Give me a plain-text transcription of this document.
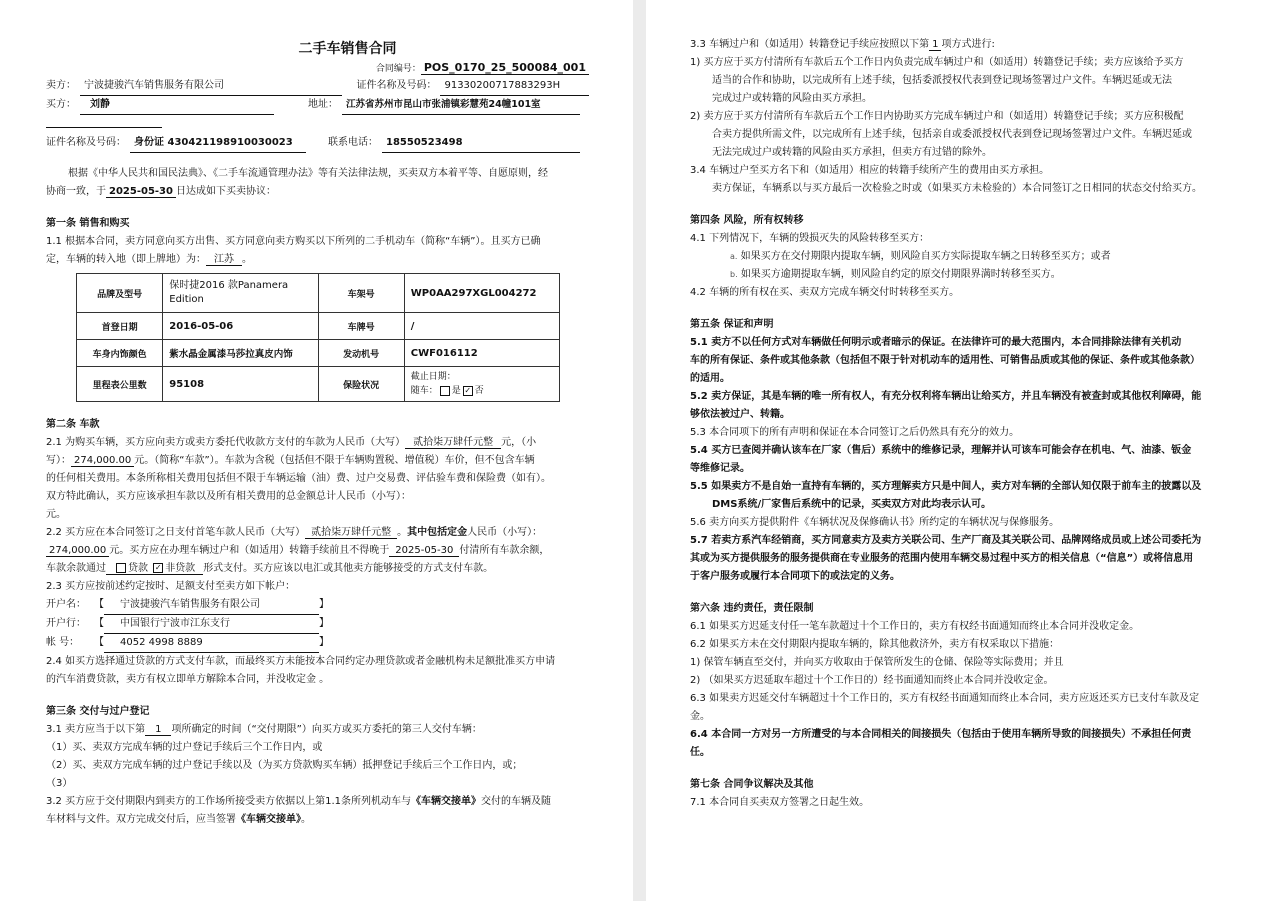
二手车销售合同
合同编号： POS_0170_25_500084_001
卖方： 宁波捷骏汽车销售服务有限公司	证件名称及号码： 91330200717883293H
买方：	刘静	地址： 江苏省苏州市昆山市张浦镇彩慧苑24幢101室
证件名称及号码： 身份证 430421198910030023	联系电话： 18550523498

根据《中华人民共和国民法典》、《二手车流通管理办法》等有关法律法规，买卖双方本着平等、自愿原则，经

协商一致，于 2025-05-30 日达成如下买卖协议：

第一条 销售和购买

1.1 根据本合同，卖方同意向买方出售、买方同意向卖方购买以下所列的二手机动车（简称“车辆”）。且买方已确

定，车辆的转入地（即上牌地）为： 江苏 。

品牌及型号	保时捷2016 款Panamera Edition	车架号	WP0AA297XGL004272
首登日期	2016-05-06	车牌号	/
车身内饰颜色	紫水晶金属漆马莎拉真皮内饰	发动机号	CWF016112
里程表公里数	95108	保险状况	截止日期：
随车： 是 ✓ 否
第二条 车款

2.1 为购买车辆，买方应向卖方或卖方委托代收款方支付的车款为人民币（大写） 贰拾柒万肆仟元整 元，（小

写）： 274,000.00 元。（简称“车款”）。车款为含税（包括但不限于车辆购置税、增值税）车价，但不包含车辆

的任何相关费用。本条所称相关费用包括但不限于车辆运输（油）费、过户交易费、评估验车费和保险费（如有）。

双方特此确认，买方应该承担车款以及所有相关费用的总金额总计人民币（小写）：

元。

2.2 买方应在本合同签订之日支付首笔车款人民币（大写） 贰拾柒万肆仟元整 。其中包括定金人民币（小写）：

274,000.00 元。买方应在办理车辆过户和（如适用）转籍手续前且不得晚于 2025-05-30 付清所有车款余额，

车款余款通过 贷款 ✓ 非贷款 形式支付。买方应该以电汇或其他卖方能够接受的方式支付车款。

2.3 买方应按前述约定按时、足额支付至卖方如下帐户：

开户名： 【	宁波捷骏汽车销售服务有限公司	】
开户行： 【	中国银行宁波市江东支行	】
帐 号：	【	4052 4998 8889	】

2.4 如买方选择通过贷款的方式支付车款，而最终买方未能按本合同约定办理贷款或者金融机构未足额批准买方申请

的汽车消费贷款，卖方有权立即单方解除本合同，并没收定金 。

第三条 交付与过户登记

3.1 卖方应当于以下第 1 项所确定的时间（“交付期限”）向买方或买方委托的第三人交付车辆：

（1）买、卖双方完成车辆的过户登记手续后三个工作日内，或

（2）买、卖双方完成车辆的过户登记手续以及（为买方贷款购买车辆）抵押登记手续后三个工作日内，或；

（3）

3.2 买方应于交付期限内到卖方的工作场所接受卖方依据以上第1.1条所列机动车与《车辆交接单》交付的车辆及随

车材料与文件。双方完成交付后，应当签署《车辆交接单》。

3.3 车辆过户和（如适用）转籍登记手续应按照以下第 1 项方式进行:

1) 买方应于买方付清所有车款后五个工作日内负责完成车辆过户和（如适用）转籍登记手续；卖方应该给予买方

适当的合作和协助，以完成所有上述手续，包括委派授权代表到登记现场签署过户文件。车辆迟延或无法

完成过户或转籍的风险由买方承担。

2) 卖方应于买方付清所有车款后五个工作日内协助买方完成车辆过户和（如适用）转籍登记手续；买方应积极配

合卖方提供所需文件，以完成所有上述手续，包括亲自或委派授权代表到登记现场签署过户文件。车辆迟延或

无法完成过户或转籍的风险由买方承担，但卖方有过错的除外。

3.4 车辆过户至买方名下和（如适用）相应的转籍手续所产生的费用由买方承担。

卖方保证，车辆系以与买方最后一次检验之时或（如果买方未检验的）本合同签订之日相同的状态交付给买方。

第四条 风险，所有权转移

4.1 下列情况下，车辆的毁损灭失的风险转移至买方：

a. 如果买方在交付期限内提取车辆，则风险自买方实际提取车辆之日转移至买方；或者

b. 如果买方逾期提取车辆，则风险自约定的原交付期限界满时转移至买方。

4.2 车辆的所有权在买、卖双方完成车辆交付时转移至买方。

第五条 保证和声明

5.1 卖方不以任何方式对车辆做任何明示或者暗示的保证。在法律许可的最大范围内，本合同排除法律有关机动

车的所有保证、条件或其他条款（包括但不限于针对机动车的适用性、可销售品质或其他的保证、条件或其他条款）

的适用。

5.2 卖方保证，其是车辆的唯一所有权人，有充分权利将车辆出让给买方，并且车辆没有被查封或其他权利障碍，能

够依法被过户、转籍。

5.3 本合同项下的所有声明和保证在本合同签订之后仍然具有充分的效力。

5.4 买方已查阅并确认该车在厂家（售后）系统中的维修记录，理解并认可该车可能会存在机电、气、油漆、钣金

等维修记录。

5.5 如果卖方不是自始一直持有车辆的，买方理解卖方只是中间人，卖方对车辆的全部认知仅限于前车主的披露以及

DMS系统/厂家售后系统中的记录，买卖双方对此均表示认可。

5.6 卖方向买方提供附件《车辆状况及保修确认书》所约定的车辆状况与保修服务。

5.7 若卖方系汽车经销商，买方同意卖方及卖方关联公司、生产厂商及其关联公司、品牌网络成员或上述公司委托为

其或为买方提供服务的服务提供商在专业服务的范围内使用车辆交易过程中买方的相关信息（“信息”）或将信息用

于客户服务或履行本合同项下的或法定的义务。

第六条 违约责任，责任限制

6.1 如果买方迟延支付任一笔车款超过十个工作日的，卖方有权经书面通知而终止本合同并没收定金。

6.2 如果买方未在交付期限内提取车辆的，除其他救济外，卖方有权采取以下措施：

1) 保管车辆直至交付，并向买方收取由于保管所发生的仓储、保险等实际费用；并且

2) （如果买方迟延取车超过十个工作日的）经书面通知而终止本合同并没收定金。

6.3 如果卖方迟延交付车辆超过十个工作日的，买方有权经书面通知而终止本合同，卖方应返还买方已支付车款及定

金。

6.4 本合同一方对另一方所遭受的与本合同相关的间接损失（包括由于使用车辆所导致的间接损失）不承担任何责

任。

第七条 合同争议解决及其他

7.1 本合同自买卖双方签署之日起生效。
